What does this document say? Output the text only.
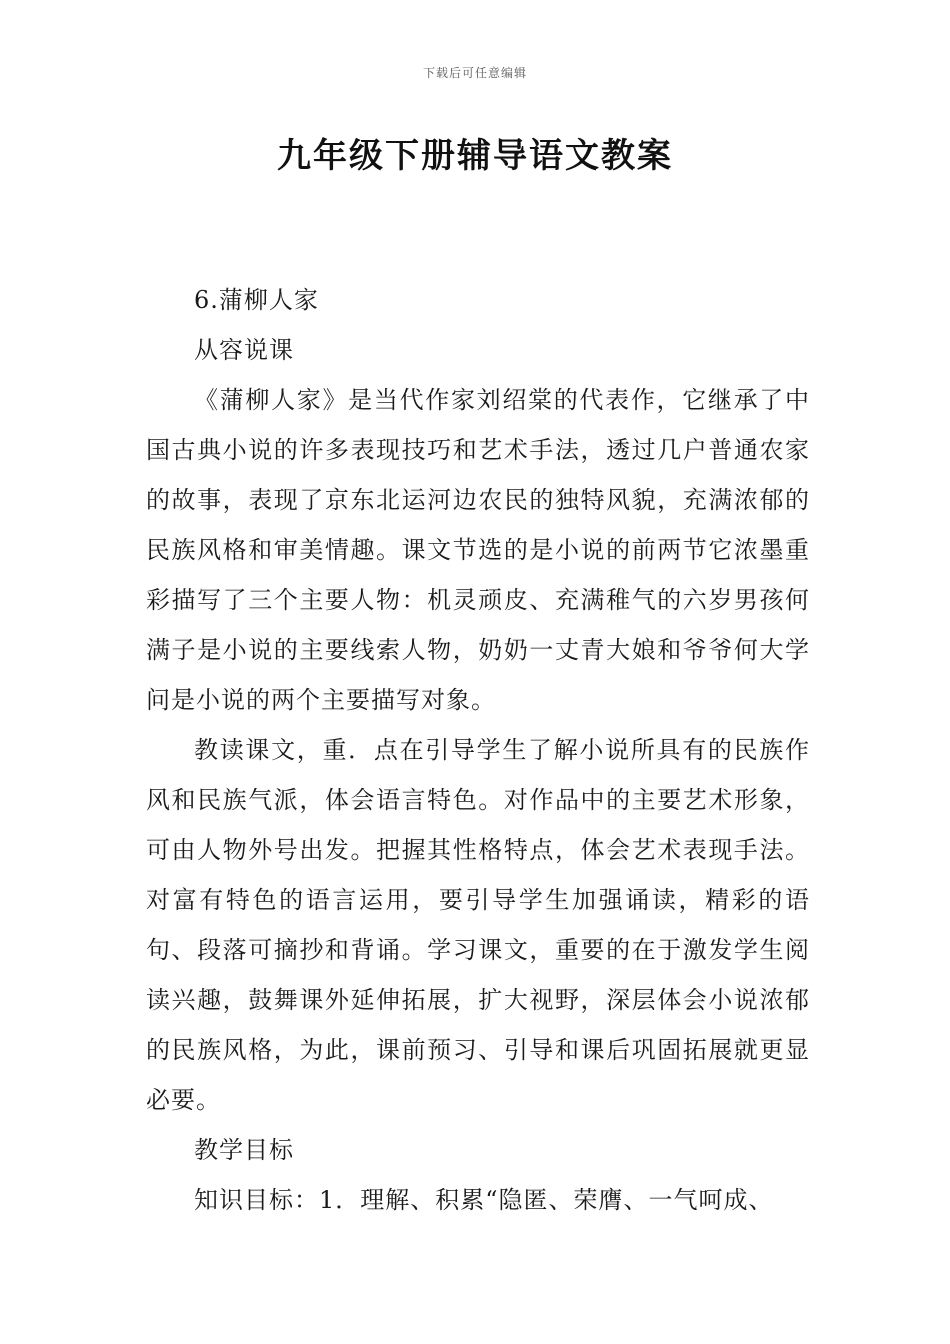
下载后可任意编辑
九年级下册辅导语文教案

6.蒲柳人家

从容说课

《蒲柳人家》是当代作家刘绍棠的代表作，它继承了中国古典小说的许多表现技巧和艺术手法，透过几户普通农家的故事，表现了京东北运河边农民的独特风貌，充满浓郁的民族风格和审美情趣。课文节选的是小说的前两节它浓墨重彩描写了三个主要人物：机灵顽皮、充满稚气的六岁男孩何满子是小说的主要线索人物，奶奶一丈青大娘和爷爷何大学问是小说的两个主要描写对象。

教读课文，重．点在引导学生了解小说所具有的民族作风和民族气派，体会语言特色。对作品中的主要艺术形象，可由人物外号出发。把握其性格特点，体会艺术表现手法。对富有特色的语言运用，要引导学生加强诵读，精彩的语句、段落可摘抄和背诵。学习课文，重要的在于激发学生阅读兴趣，鼓舞课外延伸拓展，扩大视野，深层体会小说浓郁的民族风格，为此，课前预习、引导和课后巩固拓展就更显必要。

教学目标

知识目标：1．理解、积累“隐匿、荣膺、一气呵成、
